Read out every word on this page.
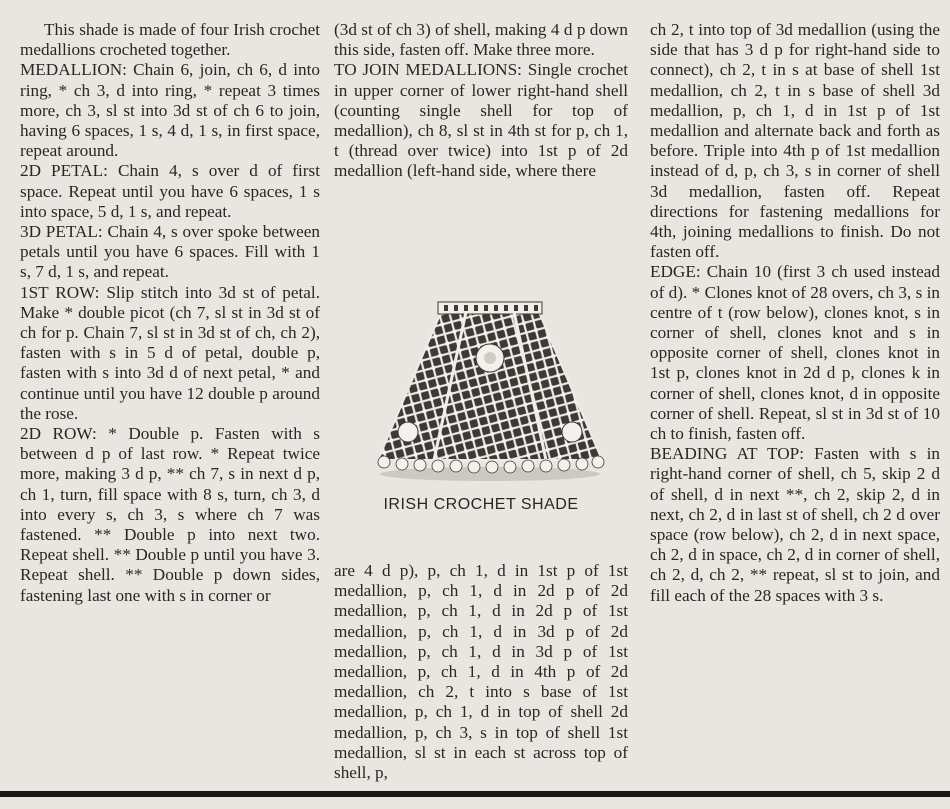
This shade is made of four Irish crochet medallions crocheted together.

MEDALLION: Chain 6, join, ch 6, d into ring, * ch 3, d into ring, * repeat 3 times more, ch 3, sl st into 3d st of ch 6 to join, having 6 spaces, 1 s, 4 d, 1 s, in first space, repeat around.

2D PETAL: Chain 4, s over d of first space. Repeat until you have 6 spaces, 1 s into space, 5 d, 1 s, and repeat.

3D PETAL: Chain 4, s over spoke between petals until you have 6 spaces. Fill with 1 s, 7 d, 1 s, and repeat.

1ST ROW: Slip stitch into 3d st of petal. Make * double picot (ch 7, sl st in 3d st of ch for p. Chain 7, sl st in 3d st of ch, ch 2), fasten with s in 5 d of petal, double p, fasten with s into 3d d of next petal, * and continue until you have 12 double p around the rose.

2D ROW: * Double p. Fasten with s between d p of last row. * Repeat twice more, making 3 d p, ** ch 7, s in next d p, ch 1, turn, fill space with 8 s, turn, ch 3, d into every s, ch 3, s where ch 7 was fastened. ** Double p into next two. Repeat shell. ** Double p until you have 3. Repeat shell. ** Double p down sides, fastening last one with s in corner or

(3d st of ch 3) of shell, making 4 d p down this side, fasten off. Make three more.

TO JOIN MEDALLIONS: Single crochet in upper corner of lower right-hand shell (counting single shell for top of medallion), ch 8, sl st in 4th st for p, ch 1, t (thread over twice) into 1st p of 2d medallion (left-hand side, where there

IRISH CROCHET SHADE

are 4 d p), p, ch 1, d in 1st p of 1st medallion, p, ch 1, d in 2d p of 2d medallion, p, ch 1, d in 2d p of 1st medallion, p, ch 1, d in 3d p of 2d medallion, p, ch 1, d in 3d p of 1st medallion, p, ch 1, d in 4th p of 2d medallion, ch 2, t into s base of 1st medallion, p, ch 1, d in top of shell 2d medallion, p, ch 3, s in top of shell 1st medallion, sl st in each st across top of shell, p,

ch 2, t into top of 3d medallion (using the side that has 3 d p for right-hand side to connect), ch 2, t in s at base of shell 1st medallion, ch 2, t in s base of shell 3d medallion, p, ch 1, d in 1st p of 1st medallion and alternate back and forth as before. Triple into 4th p of 1st medallion instead of d, p, ch 3, s in corner of shell 3d medallion, fasten off. Repeat directions for fastening medallions for 4th, joining medallions to finish. Do not fasten off.

EDGE: Chain 10 (first 3 ch used instead of d). * Clones knot of 28 overs, ch 3, s in centre of t (row below), clones knot, s in corner of shell, clones knot and s in opposite corner of shell, clones knot in 1st p, clones knot in 2d d p, clones k in corner of shell, clones knot, d in opposite corner of shell. Repeat, sl st in 3d st of 10 ch to finish, fasten off.

BEADING AT TOP: Fasten with s in right-hand corner of shell, ch 5, skip 2 d of shell, d in next **, ch 2, skip 2, d in next, ch 2, d in last st of shell, ch 2 d over space (row below), ch 2, d in next space, ch 2, d in space, ch 2, d in corner of shell, ch 2, d, ch 2, ** repeat, sl st to join, and fill each of the 28 spaces with 3 s.
